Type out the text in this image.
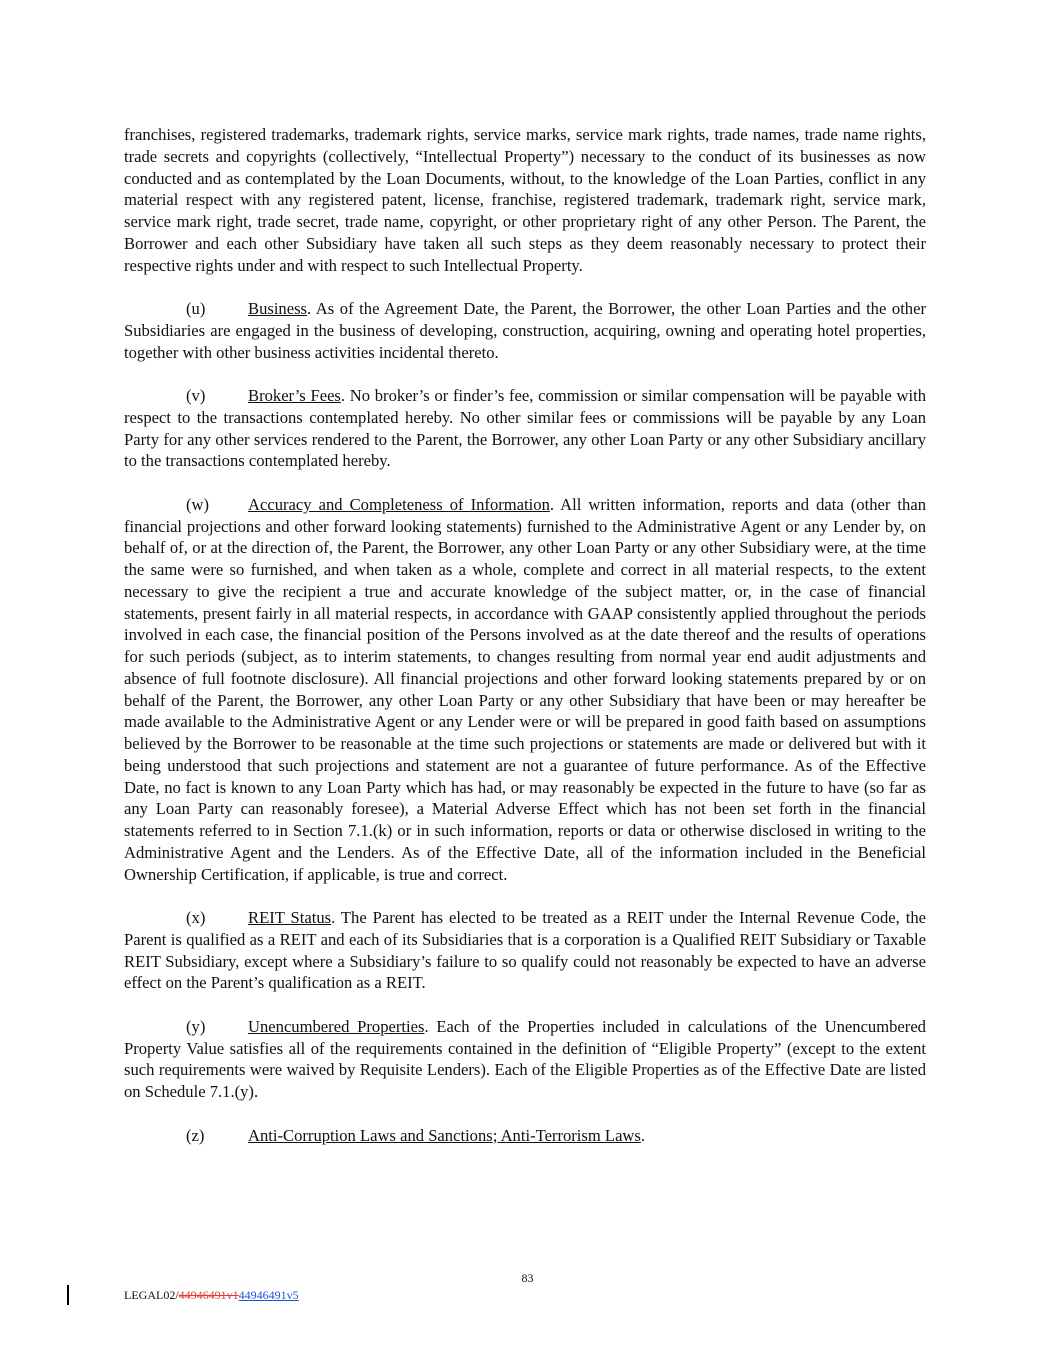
franchises, registered trademarks, trademark rights, service marks, service mark rights, trade names, trade name rights, trade secrets and copyrights (collectively, “Intellectual Property”) necessary to the conduct of its businesses as now conducted and as contemplated by the Loan Documents, without, to the knowledge of the Loan Parties, conflict in any material respect with any registered patent, license, franchise, registered trademark, trademark right, service mark, service mark right, trade secret, trade name, copyright, or other proprietary right of any other Person. The Parent, the Borrower and each other Subsidiary have taken all such steps as they deem reasonably necessary to protect their respective rights under and with respect to such Intellectual Property.

(u)	Business. As of the Agreement Date, the Parent, the Borrower, the other Loan Parties and the other Subsidiaries are engaged in the business of developing, construction, acquiring, owning and operating hotel properties, together with other business activities incidental thereto.

(v)	Broker’s Fees. No broker’s or finder’s fee, commission or similar compensation will be payable with respect to the transactions contemplated hereby. No other similar fees or commissions will be payable by any Loan Party for any other services rendered to the Parent, the Borrower, any other Loan Party or any other Subsidiary ancillary to the transactions contemplated hereby.

(w) Accuracy and Completeness of Information. All written information, reports and data (other than financial projections and other forward looking statements) furnished to the Administrative Agent or any Lender by, on behalf of, or at the direction of, the Parent, the Borrower, any other Loan Party or any other Subsidiary were, at the time the same were so furnished, and when taken as a whole, complete and correct in all material respects, to the extent necessary to give the recipient a true and accurate knowledge of the subject matter, or, in the case of financial statements, present fairly in all material respects, in accordance with GAAP consistently applied throughout the periods involved in each case, the financial position of the Persons involved as at the date thereof and the results of operations for such periods (subject, as to interim statements, to changes resulting from normal year end audit adjustments and absence of full footnote disclosure). All financial projections and other forward looking statements prepared by or on behalf of the Parent, the Borrower, any other Loan Party or any other Subsidiary that have been or may hereafter be made available to the Administrative Agent or any Lender were or will be prepared in good faith based on assumptions believed by the Borrower to be reasonable at the time such projections or statements are made or delivered but with it being understood that such projections and statement are not a guarantee of future performance. As of the Effective Date, no fact is known to any Loan Party which has had, or may reasonably be expected in the future to have (so far as any Loan Party can reasonably foresee), a Material Adverse Effect which has not been set forth in the financial statements referred to in Section 7.1.(k) or in such information, reports or data or otherwise disclosed in writing to the Administrative Agent and the Lenders. As of the Effective Date, all of the information included in the Beneficial Ownership Certification, if applicable, is true and correct.

(x)	REIT Status. The Parent has elected to be treated as a REIT under the Internal Revenue Code, the Parent is qualified as a REIT and each of its Subsidiaries that is a corporation is a Qualified REIT Subsidiary or Taxable REIT Subsidiary, except where a Subsidiary’s failure to so qualify could not reasonably be expected to have an adverse effect on the Parent’s qualification as a REIT.

(y)	Unencumbered Properties. Each of the Properties included in calculations of the Unencumbered Property Value satisfies all of the requirements contained in the definition of “Eligible Property” (except to the extent such requirements were waived by Requisite Lenders). Each of the Eligible Properties as of the Effective Date are listed on Schedule 7.1.(y).

(z)	Anti-Corruption Laws and Sanctions; Anti-Terrorism Laws.

83
LEGAL02/44946491v144946491v5
